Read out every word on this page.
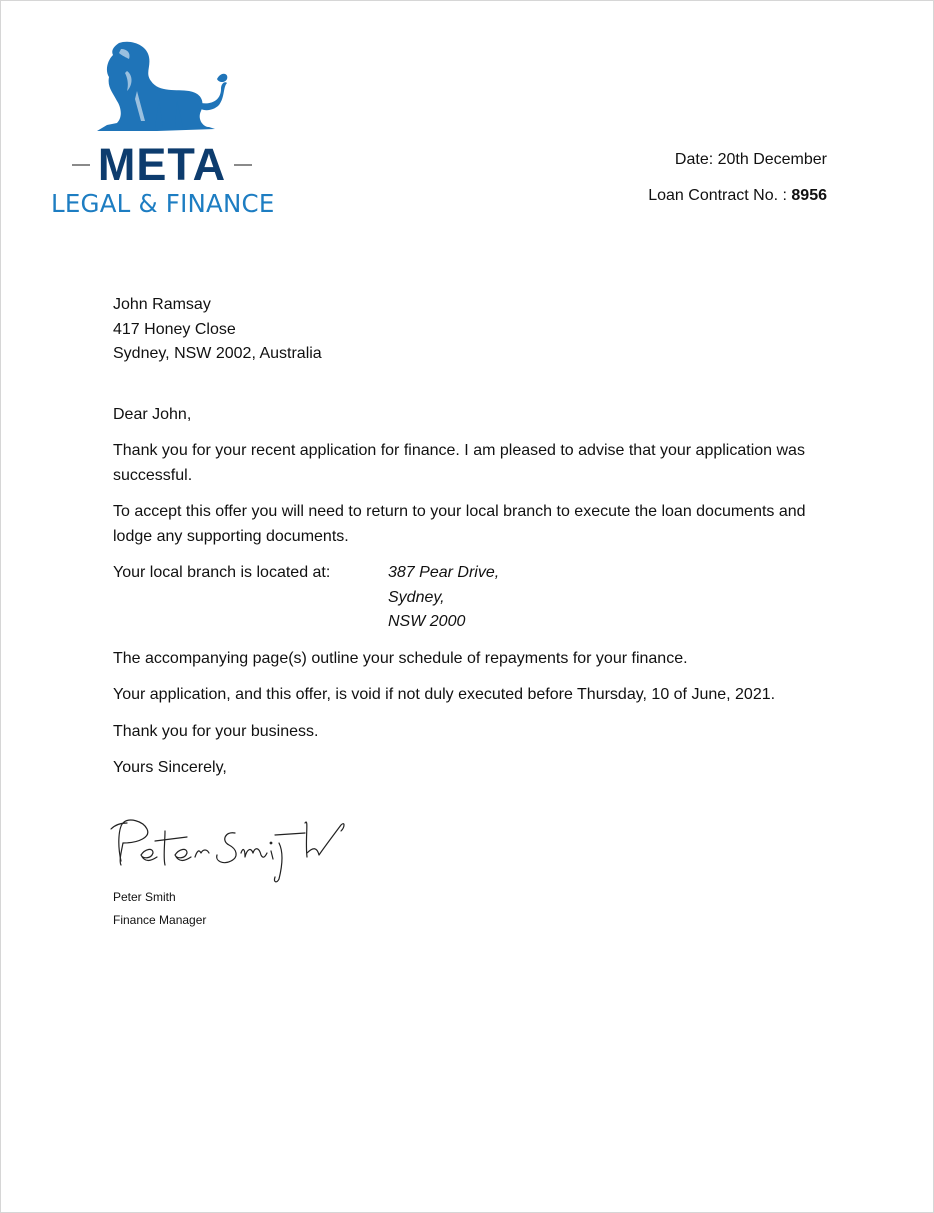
META
LEGAL & FINANCE
Date: 20th December
Loan Contract No. : 8956
John Ramsay
417 Honey Close
Sydney, NSW 2002, Australia

Dear John,

Thank you for your recent application for finance. I am pleased to advise that your application was successful.

To accept this offer you will need to return to your local branch to execute the loan documents and lodge any supporting documents.

Your local branch is located at:	387 Pear Drive,
Sydney,
NSW 2000

The accompanying page(s) outline your schedule of repayments for your finance.

Your application, and this offer, is void if not duly executed before Thursday, 10 of June, 2021.

Thank you for your business.

Yours Sincerely,

Peter Smith
Finance Manager
